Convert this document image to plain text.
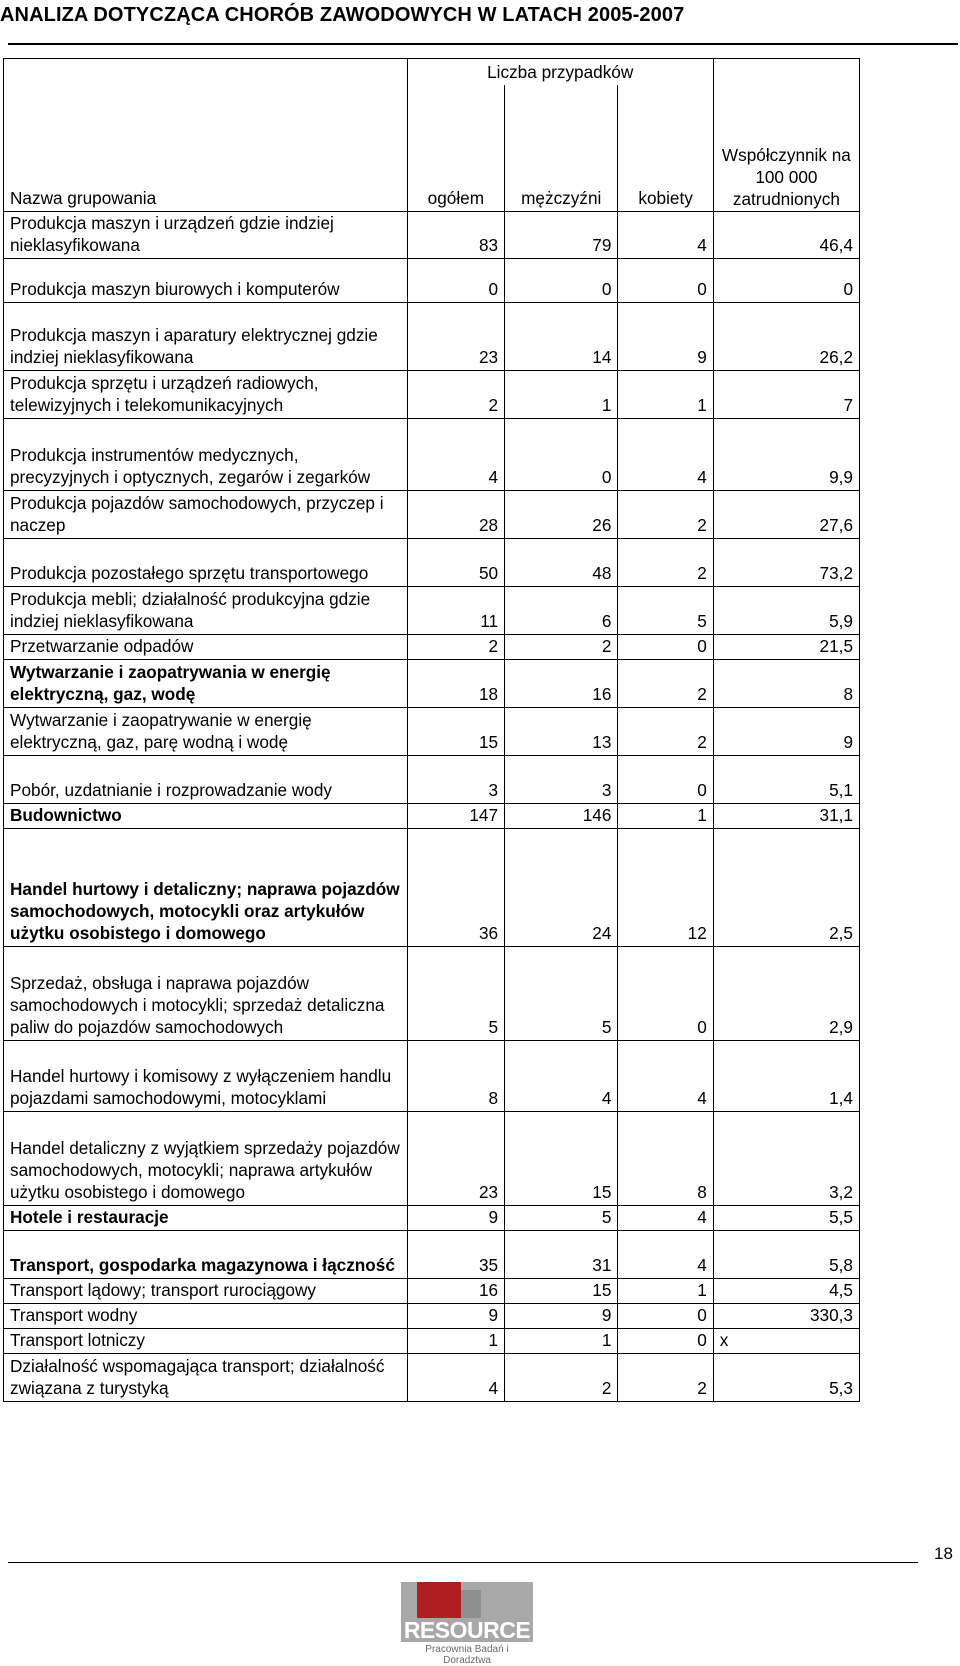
ANALIZA DOTYCZĄCA CHORÓB ZAWODOWYCH W LATACH 2005-2007
	Liczba przypadków			
Nazwa grupowania	ogółem	mężczyźni	kobiety	Współczynnik na 100 000 zatrudnionych
Produkcja maszyn i urządzeń gdzie indziej nieklasyfikowana	83	79	4	46,4
Produkcja maszyn biurowych i komputerów	0	0	0	0
Produkcja maszyn i aparatury elektrycznej gdzie indziej nieklasyfikowana	23	14	9	26,2
Produkcja sprzętu i urządzeń radiowych, telewizyjnych i telekomunikacyjnych	2	1	1	7
Produkcja instrumentów medycznych, precyzyjnych i optycznych, zegarów i zegarków	4	0	4	9,9
Produkcja pojazdów samochodowych, przyczep i naczep	28	26	2	27,6
Produkcja pozostałego sprzętu transportowego	50	48	2	73,2
Produkcja mebli; działalność produkcyjna gdzie indziej nieklasyfikowana	11	6	5	5,9
Przetwarzanie odpadów	2	2	0	21,5
Wytwarzanie i zaopatrywania w energię elektryczną, gaz, wodę	18	16	2	8
Wytwarzanie i zaopatrywanie w energię elektryczną, gaz, parę wodną i wodę	15	13	2	9
Pobór, uzdatnianie i rozprowadzanie wody	3	3	0	5,1
Budownictwo	147	146	1	31,1
Handel hurtowy i detaliczny; naprawa pojazdów samochodowych, motocykli oraz artykułów użytku osobistego i domowego	36	24	12	2,5
Sprzedaż, obsługa i naprawa pojazdów samochodowych i motocykli; sprzedaż detaliczna paliw do pojazdów samochodowych	5	5	0	2,9
Handel hurtowy i komisowy z wyłączeniem handlu pojazdami samochodowymi, motocyklami	8	4	4	1,4
Handel detaliczny z wyjątkiem sprzedaży pojazdów samochodowych, motocykli; naprawa artykułów użytku osobistego i domowego	23	15	8	3,2
Hotele i restauracje	9	5	4	5,5
Transport, gospodarka magazynowa i łączność	35	31	4	5,8
Transport lądowy; transport rurociągowy	16	15	1	4,5
Transport wodny	9	9	0	330,3
Transport lotniczy	1	1	0	x
Działalność wspomagająca transport; działalność związana z turystyką	4	2	2	5,3
18
RESOURCE
Pracownia Badań i Doradztwa
